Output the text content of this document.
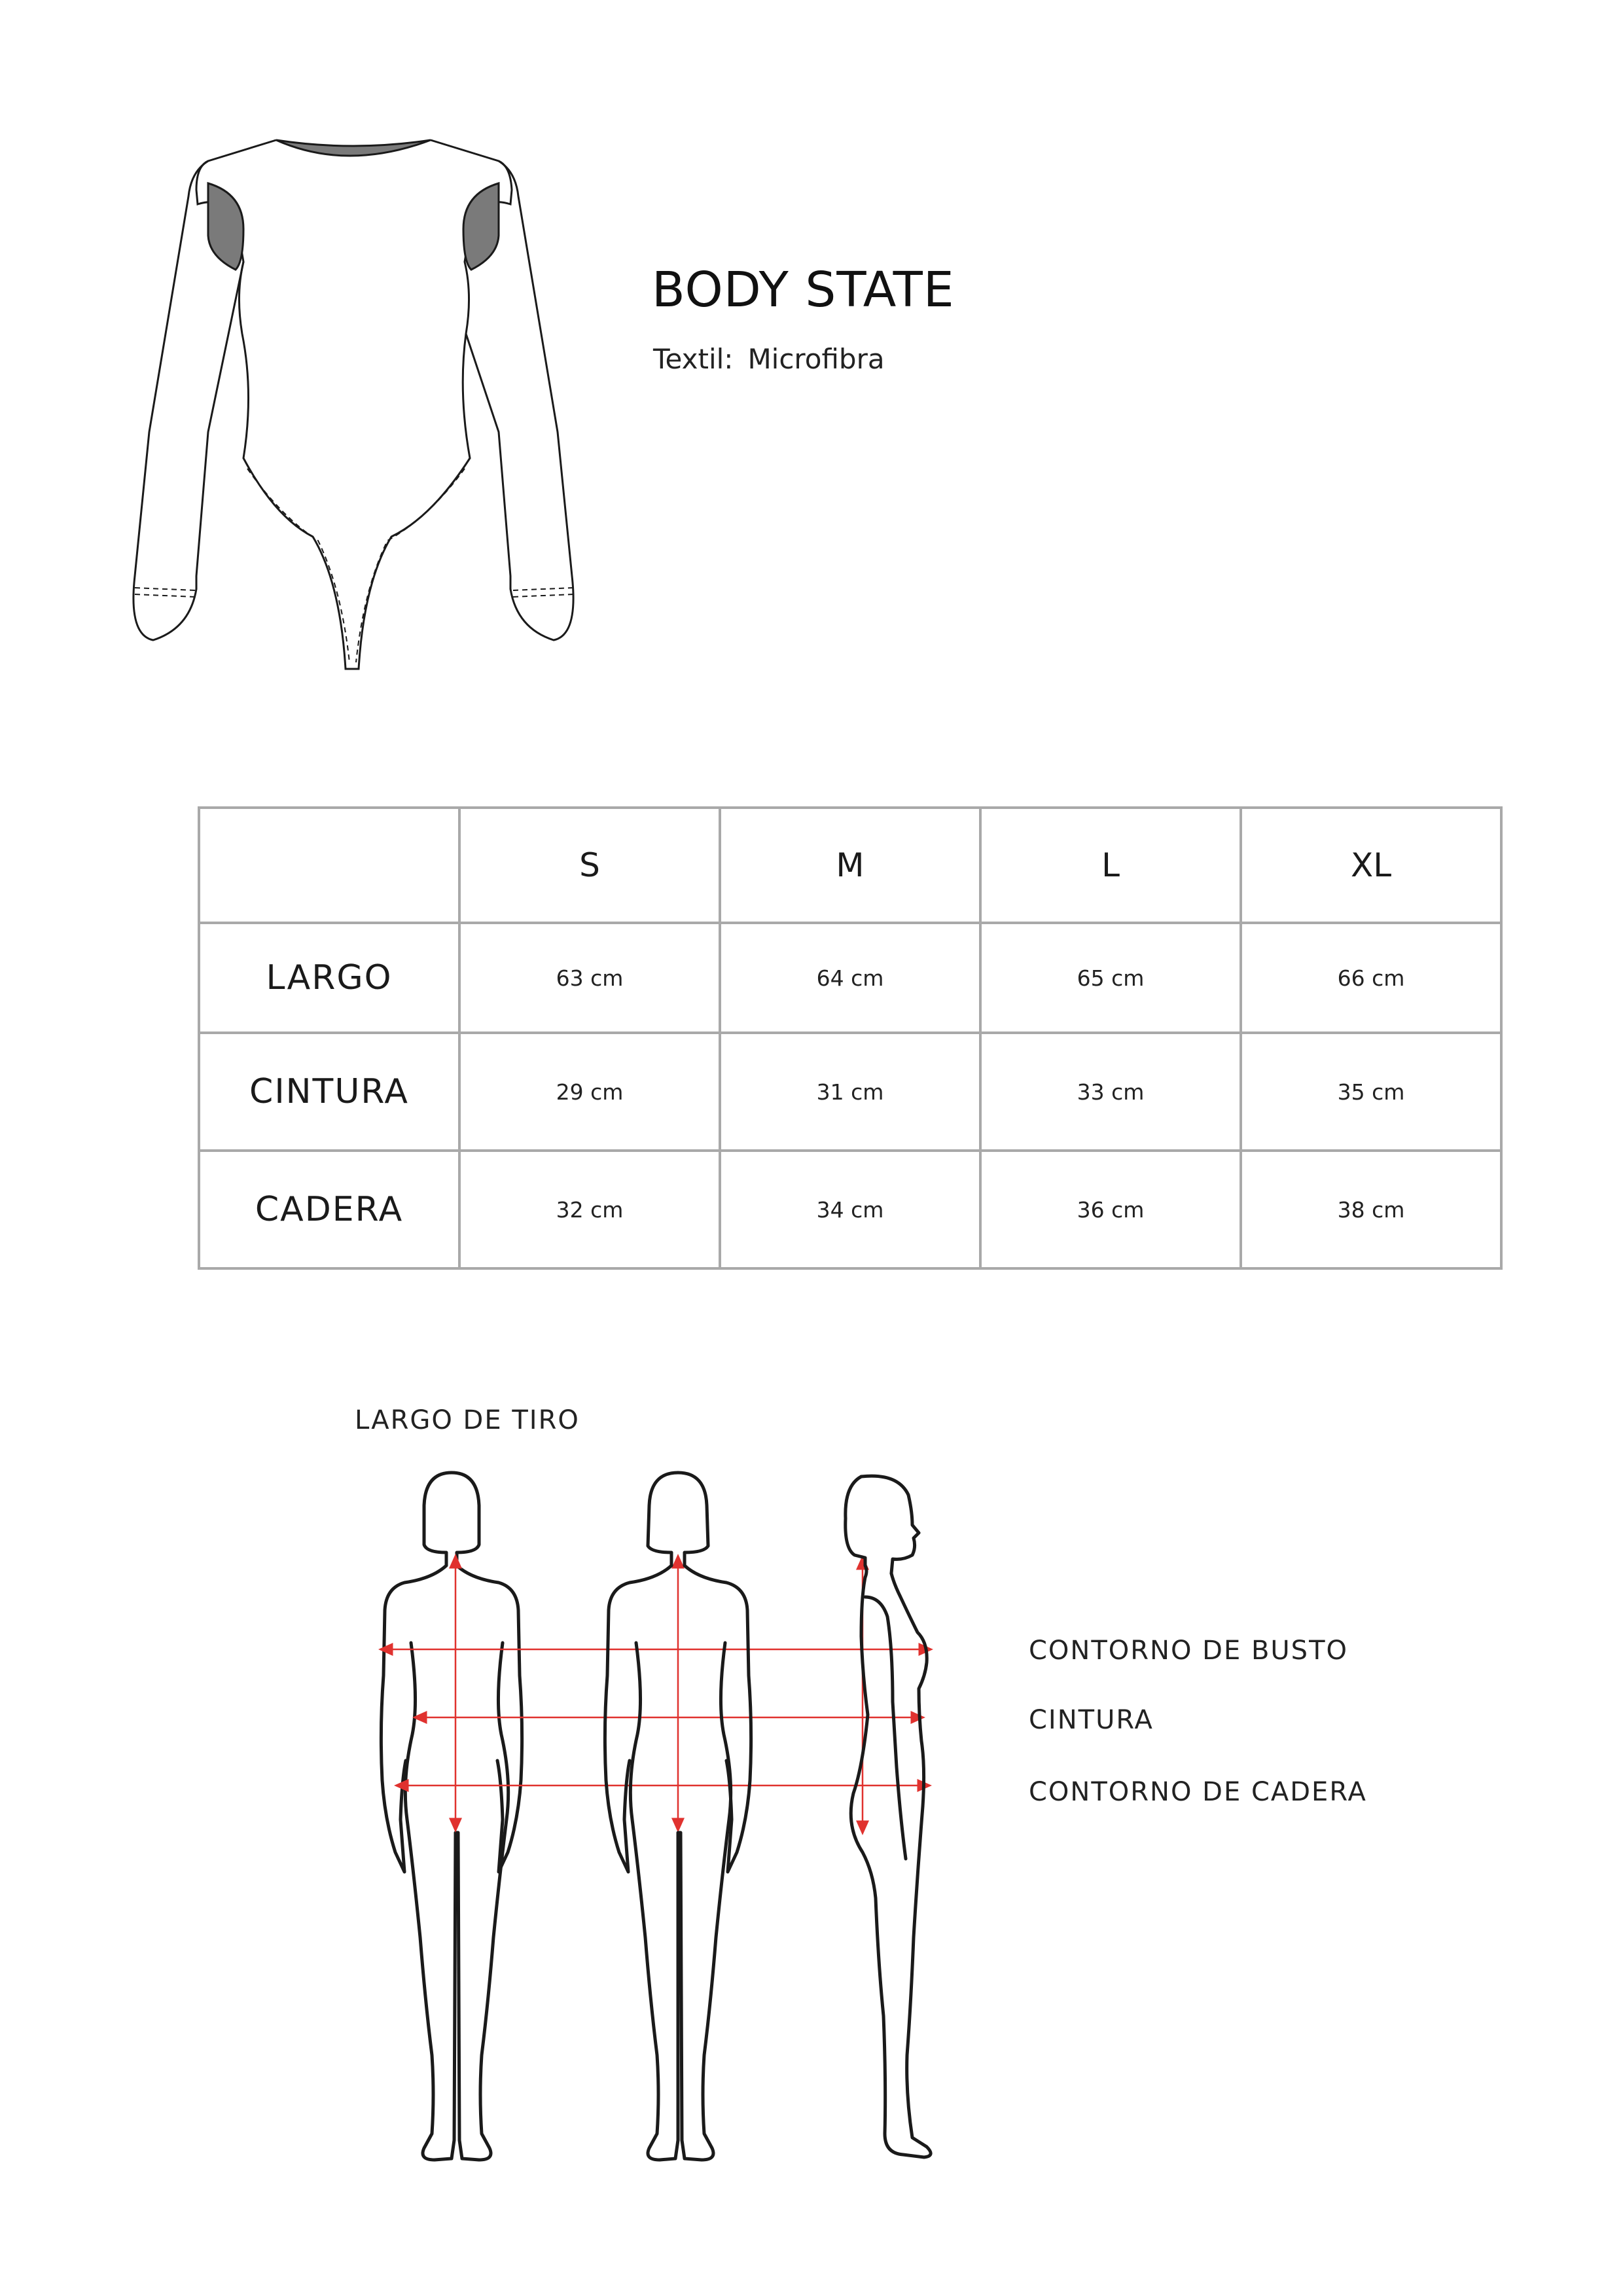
BODY STATE
Textil: Microfibra
	S	M	L	XL
LARGO	63 cm	64 cm	65 cm	66 cm
CINTURA	29 cm	31 cm	33 cm	35 cm
CADERA	32 cm	34 cm	36 cm	38 cm
LARGO DE TIRO
CONTORNO DE BUSTO
CINTURA
CONTORNO DE CADERA
